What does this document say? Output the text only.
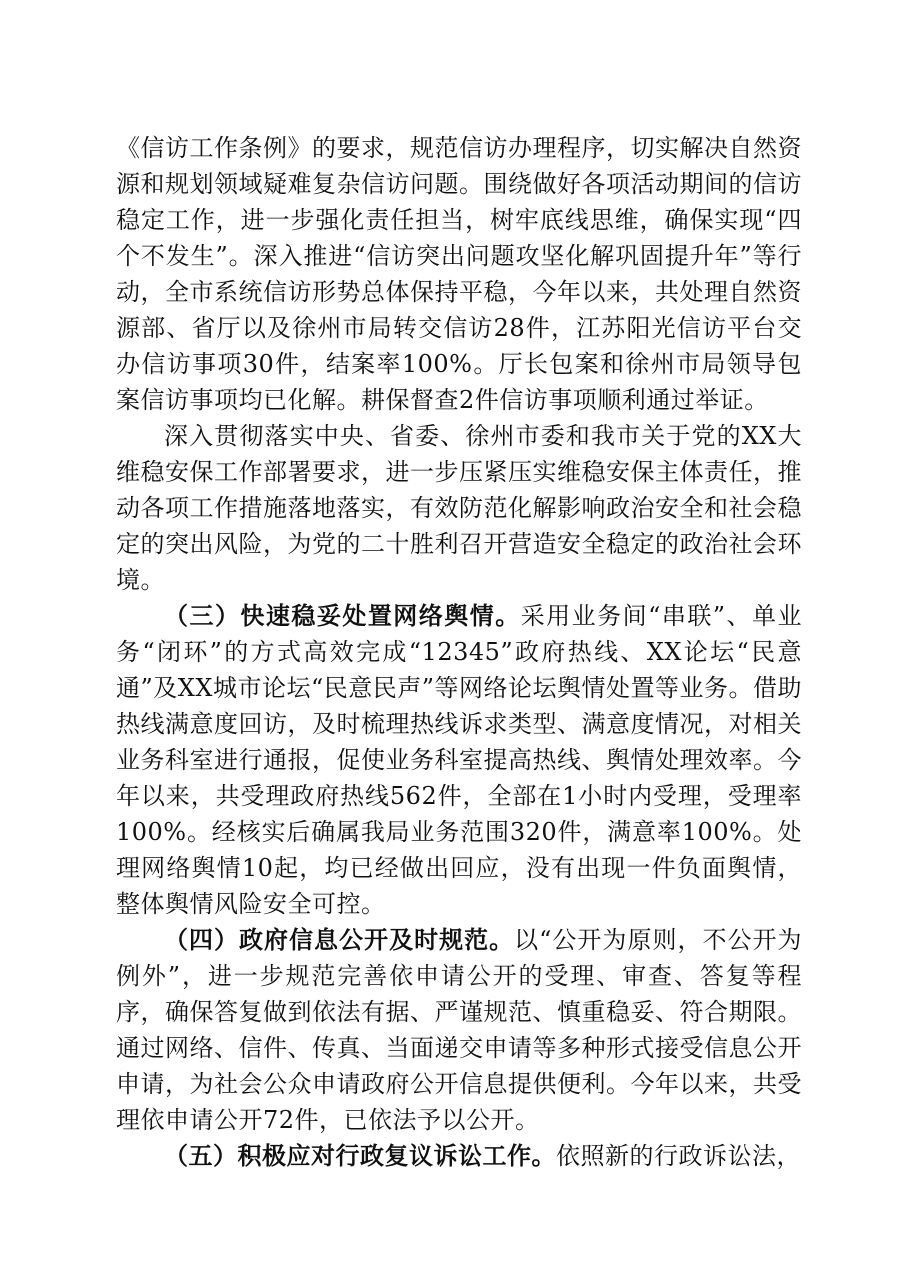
《信访工作条例》的要求，规范信访办理程序，切实解决自然资源和规划领域疑难复杂信访问题。围绕做好各项活动期间的信访稳定工作，进一步强化责任担当，树牢底线思维，确保实现“四个不发生”。深入推进“信访突出问题攻坚化解巩固提升年”等行动，全市系统信访形势总体保持平稳，今年以来，共处理自然资源部、省厅以及徐州市局转交信访28件，江苏阳光信访平台交办信访事项30件，结案率100%。厅长包案和徐州市局领导包案信访事项均已化解。耕保督查2件信访事项顺利通过举证。

深入贯彻落实中央、省委、徐州市委和我市关于党的XX大维稳安保工作部署要求，进一步压紧压实维稳安保主体责任，推动各项工作措施落地落实，有效防范化解影响政治安全和社会稳定的突出风险，为党的二十胜利召开营造安全稳定的政治社会环境。

（三）快速稳妥处置网络舆情。采用业务间“串联”、单业务“闭环”的方式高效完成“12345”政府热线、XX论坛“民意通”及XX城市论坛“民意民声”等网络论坛舆情处置等业务。借助热线满意度回访，及时梳理热线诉求类型、满意度情况，对相关业务科室进行通报，促使业务科室提高热线、舆情处理效率。今年以来，共受理政府热线562件，全部在1小时内受理，受理率100%。经核实后确属我局业务范围320件，满意率100%。处理网络舆情10起，均已经做出回应，没有出现一件负面舆情，整体舆情风险安全可控。

（四）政府信息公开及时规范。以“公开为原则，不公开为例外”，进一步规范完善依申请公开的受理、审查、答复等程序，确保答复做到依法有据、严谨规范、慎重稳妥、符合期限。通过网络、信件、传真、当面递交申请等多种形式接受信息公开申请，为社会公众申请政府公开信息提供便利。今年以来，共受理依申请公开72件，已依法予以公开。

（五）积极应对行政复议诉讼工作。依照新的行政诉讼法，
